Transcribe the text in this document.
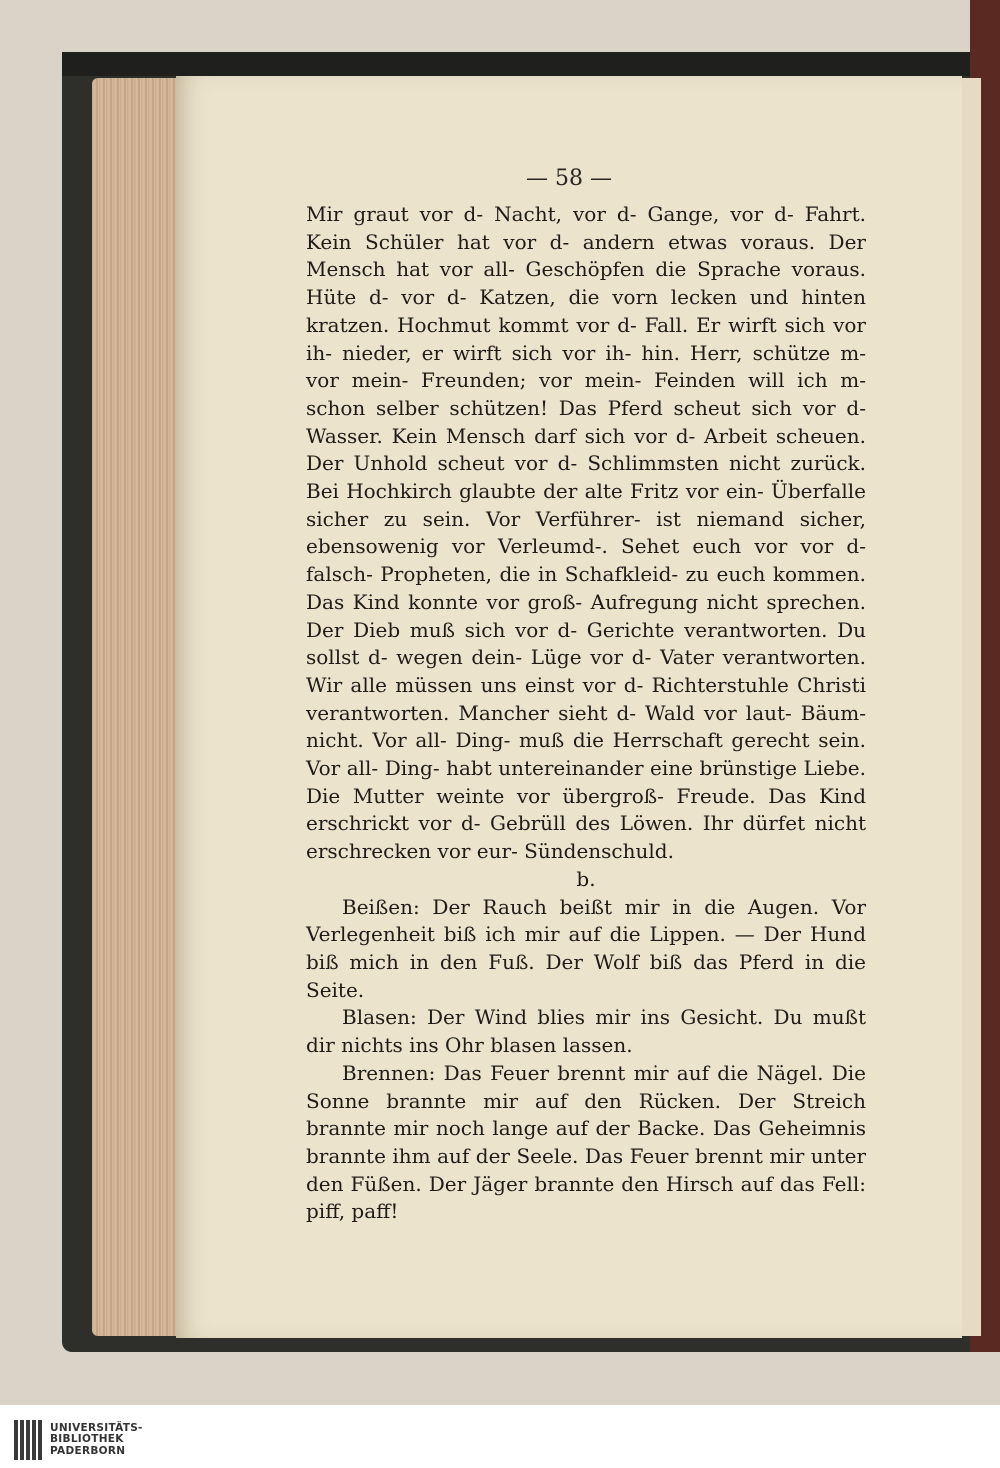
— 58 —

Mir graut vor d- Nacht, vor d- Gange, vor d- Fahrt. Kein Schüler hat vor d- andern etwas voraus. Der Mensch hat vor all- Geschöpfen die Sprache voraus. Hüte d- vor d- Katzen, die vorn lecken und hinten kratzen. Hochmut kommt vor d- Fall. Er wirft sich vor ih- nieder, er wirft sich vor ih- hin. Herr, schütze m- vor mein- Freunden; vor mein- Feinden will ich m- schon selber schützen! Das Pferd scheut sich vor d- Wasser. Kein Mensch darf sich vor d- Arbeit scheuen. Der Unhold scheut vor d- Schlimmsten nicht zurück. Bei Hochkirch glaubte der alte Fritz vor ein- Überfalle sicher zu sein. Vor Verführer- ist niemand sicher, ebensowenig vor Verleumd-. Sehet euch vor vor d- falsch- Propheten, die in Schafkleid- zu euch kommen. Das Kind konnte vor groß- Aufregung nicht sprechen. Der Dieb muß sich vor d- Gerichte verantworten. Du sollst d- wegen dein- Lüge vor d- Vater verantworten. Wir alle müssen uns einst vor d- Richterstuhle Christi verantworten. Mancher sieht d- Wald vor laut- Bäum- nicht. Vor all- Ding- muß die Herrschaft gerecht sein. Vor all- Ding- habt untereinander eine brünstige Liebe. Die Mutter weinte vor übergroß- Freude. Das Kind erschrickt vor d- Gebrüll des Löwen. Ihr dürfet nicht erschrecken vor eur- Sündenschuld.

b.

Beißen: Der Rauch beißt mir in die Augen. Vor Verlegenheit biß ich mir auf die Lippen. — Der Hund biß mich in den Fuß. Der Wolf biß das Pferd in die Seite.

Blasen: Der Wind blies mir ins Gesicht. Du mußt dir nichts ins Ohr blasen lassen.

Brennen: Das Feuer brennt mir auf die Nägel. Die Sonne brannte mir auf den Rücken. Der Streich brannte mir noch lange auf der Backe. Das Geheimnis brannte ihm auf der Seele. Das Feuer brennt mir unter den Füßen. Der Jäger brannte den Hirsch auf das Fell: piff, paff!

UNIVERSITÄTS-
BIBLIOTHEK
PADERBORN
